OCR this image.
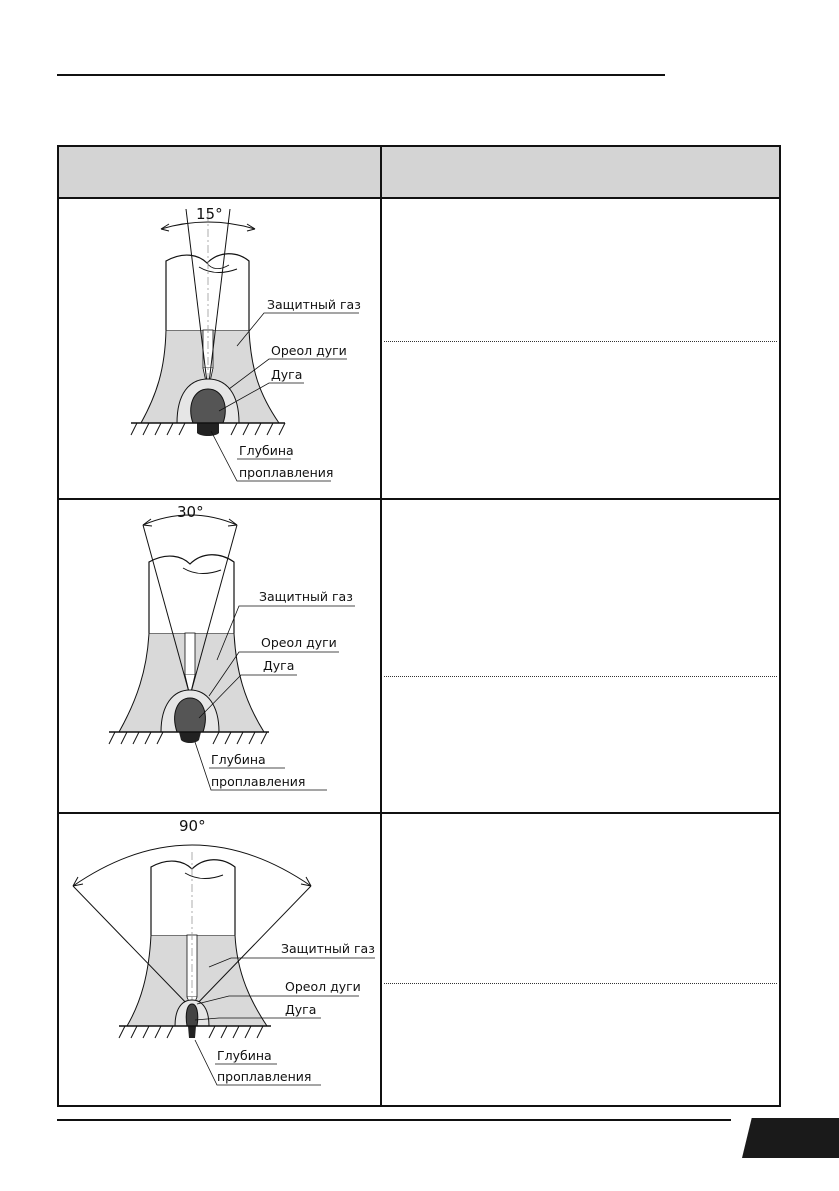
15°
Защитный газ
Ореол дуги
Дуга
Глубина
проплавления
30°
Защитный газ
Ореол дуги
Дуга
Глубина
проплавления
90°
Защитный газ
Ореол дуги
Дуга
Глубина
проплавления
